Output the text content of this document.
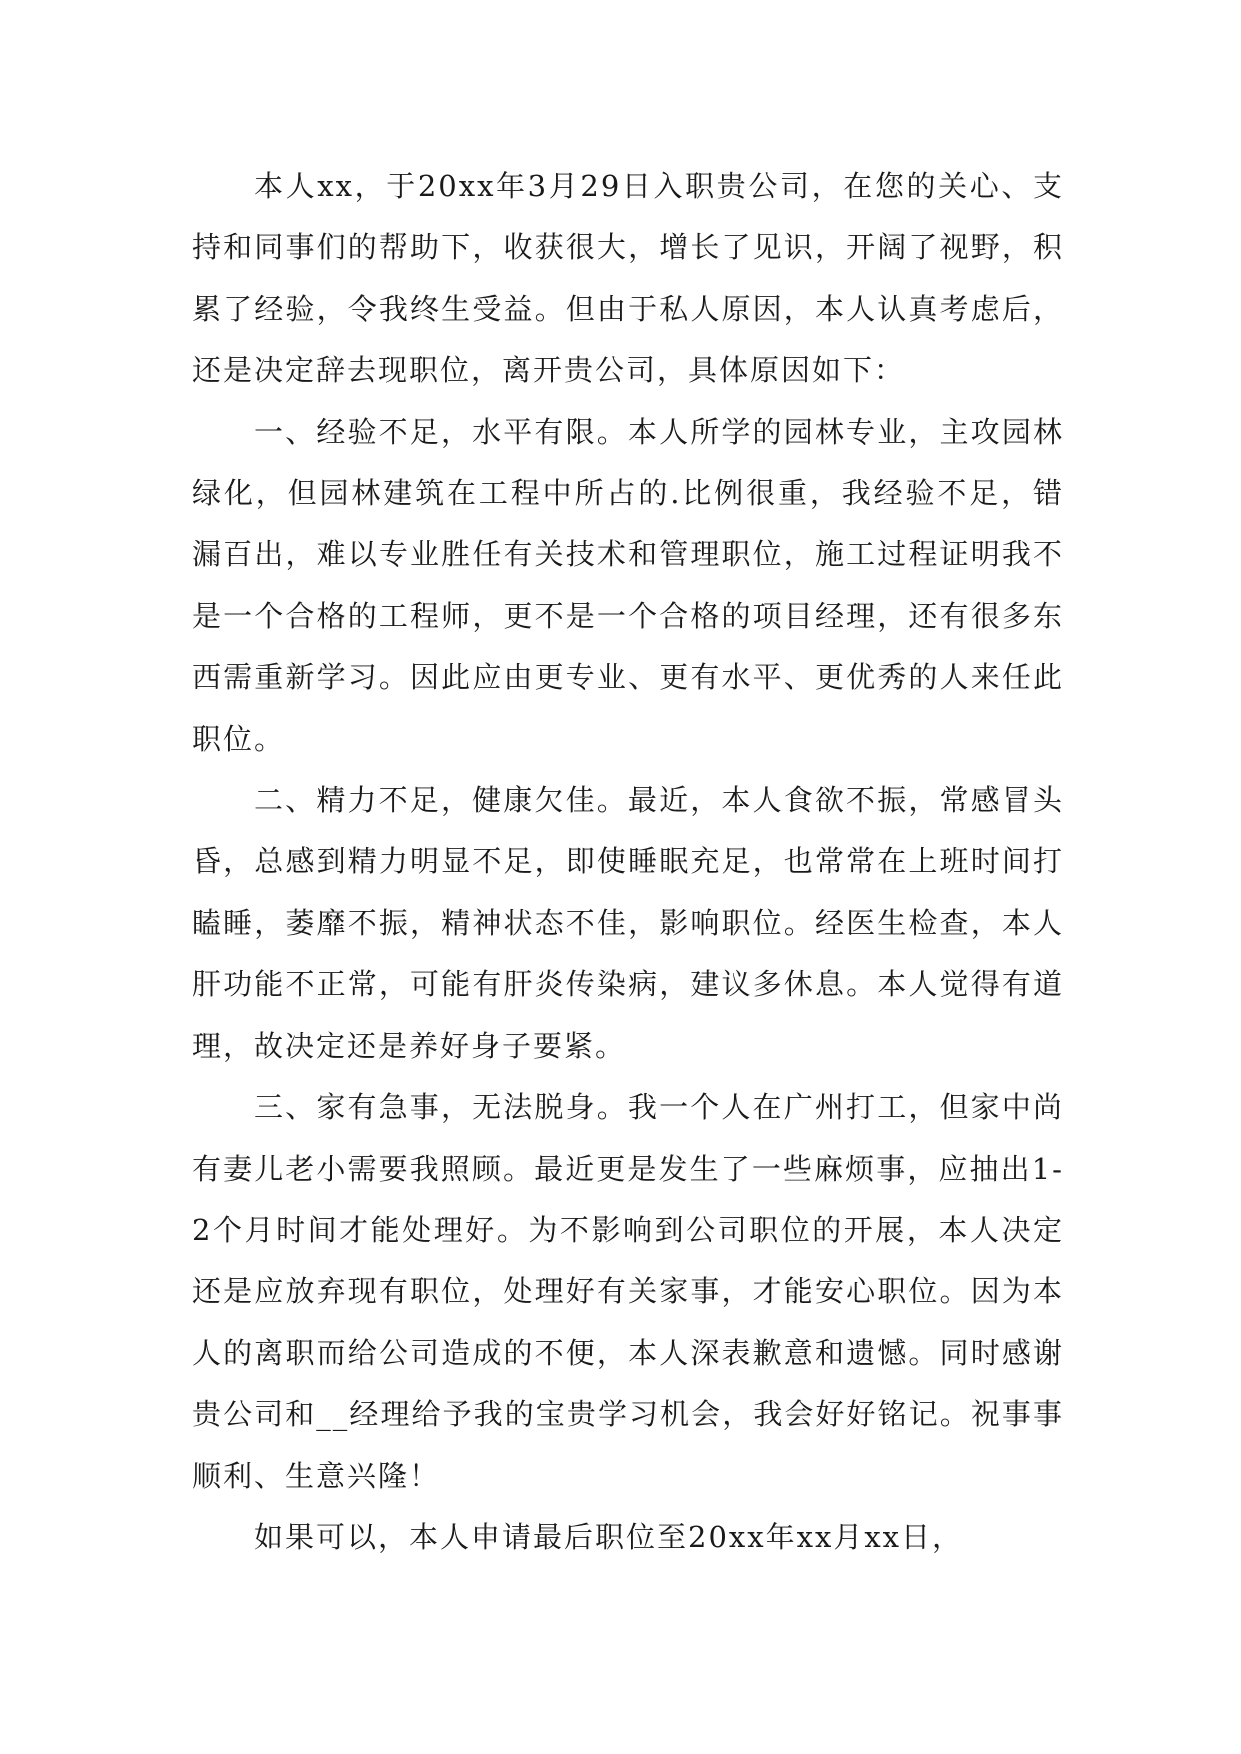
本人xx，于20xx年3月29日入职贵公司，在您的关心、支持和同事们的帮助下，收获很大，增长了见识，开阔了视野，积累了经验，令我终生受益。但由于私人原因，本人认真考虑后，还是决定辞去现职位，离开贵公司，具体原因如下：

一、经验不足，水平有限。本人所学的园林专业，主攻园林绿化，但园林建筑在工程中所占的.比例很重，我经验不足，错漏百出，难以专业胜任有关技术和管理职位，施工过程证明我不是一个合格的工程师，更不是一个合格的项目经理，还有很多东西需重新学习。因此应由更专业、更有水平、更优秀的人来任此职位。

二、精力不足，健康欠佳。最近，本人食欲不振，常感冒头昏，总感到精力明显不足，即使睡眠充足，也常常在上班时间打瞌睡，萎靡不振，精神状态不佳，影响职位。经医生检查，本人肝功能不正常，可能有肝炎传染病，建议多休息。本人觉得有道理，故决定还是养好身子要紧。

三、家有急事，无法脱身。我一个人在广州打工，但家中尚有妻儿老小需要我照顾。最近更是发生了一些麻烦事，应抽出1-2个月时间才能处理好。为不影响到公司职位的开展，本人决定还是应放弃现有职位，处理好有关家事，才能安心职位。因为本人的离职而给公司造成的不便，本人深表歉意和遗憾。同时感谢贵公司和__经理给予我的宝贵学习机会，我会好好铭记。祝事事顺利、生意兴隆！

如果可以，本人申请最后职位至20xx年xx月xx日，
